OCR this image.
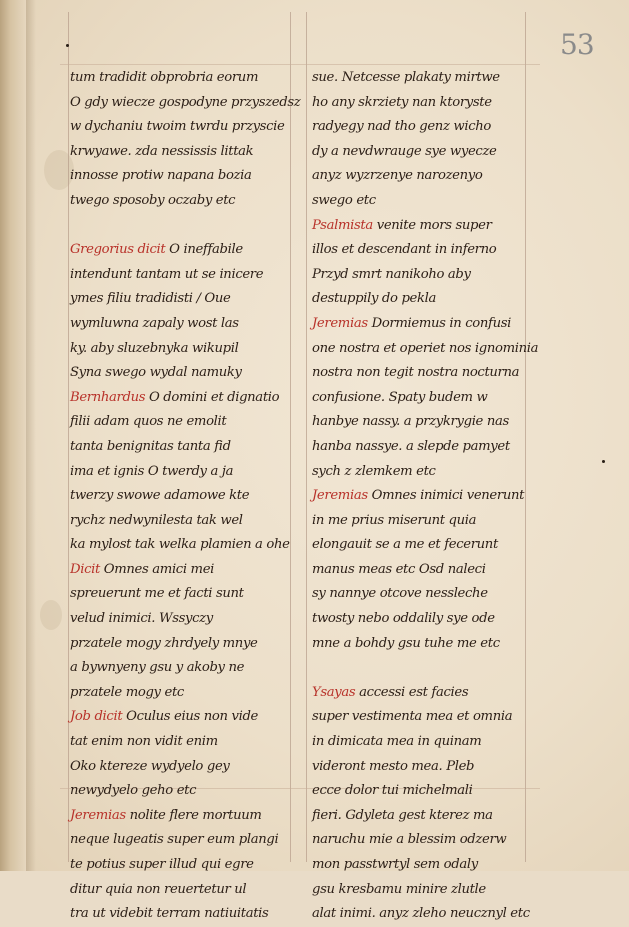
53
tum tradidit obprobria eorum
O gdy wiecze gospodyne przyszedsz
w dychaniu twoim twrdu przyscie
krwyawe. zda nessissis littak
innosse protiw napana bozia
twego sposoby oczaby etc
Gregorius dicit O ineffabile
intendunt tantam ut se inicere
ymes filiu tradidisti / Oue
wymluwna zapaly wost las
ky. aby sluzebnyka wikupil
Syna swego wydal namuky
Bernhardus O domini et dignatio
filii adam quos ne emolit
tanta benignitas tanta fid
ima et ignis O twerdy a ja
twerzy swowe adamowe kte
rychz nedwynilesta tak wel
ka mylost tak welka plamien a ohe
Dicit Omnes amici mei
spreuerunt me et facti sunt
velud inimici. Wssyczy
przatele mogy zhrdyely mnye
a bywnyeny gsu y akoby ne
przatele mogy etc
Job dicit Oculus eius non vide
tat enim non vidit enim
Oko ktereze wydyelo gey
newydyelo geho etc
Jeremias nolite flere mortuum
neque lugeatis super eum plangi
te potius super illud qui egre
ditur quia non reuertetur ul
tra ut videbit terram natiuitatis
sue. Netcesse plakaty mirtwe
ho any skrziety nan ktoryste
radyegy nad tho genz wicho
dy a nevdwrauge sye wyecze
anyz wyzrzenye narozenyo
swego etc
Psalmista venite mors super
illos et descendant in inferno
Przyd smrt nanikoho aby
destuppily do pekla
Jeremias Dormiemus in confusi
one nostra et operiet nos ignominia
nostra non tegit nostra nocturna
confusione. Spaty budem w
hanbye nassy. a przykrygie nas
hanba nassye. a slepde pamyet
sych z zlemkem etc
Jeremias Omnes inimici venerunt
in me prius miserunt quia
elongauit se a me et fecerunt
manus meas etc Osd naleci
sy nannye otcove nessleche
twosty nebo oddalily sye ode
mne a bohdy gsu tuhe me etc
Ysayas accessi est facies
super vestimenta mea et omnia
in dimicata mea in quinam
videront mesto mea. Pleb
ecce dolor tui michelmali
fieri. Gdyleta gest kterez ma
naruchu mie a blessim odzerw
mon passtwrtyl sem odaly
gsu kresbamu minire zlutle
alat inimi. anyz zleho neucznyl etc
